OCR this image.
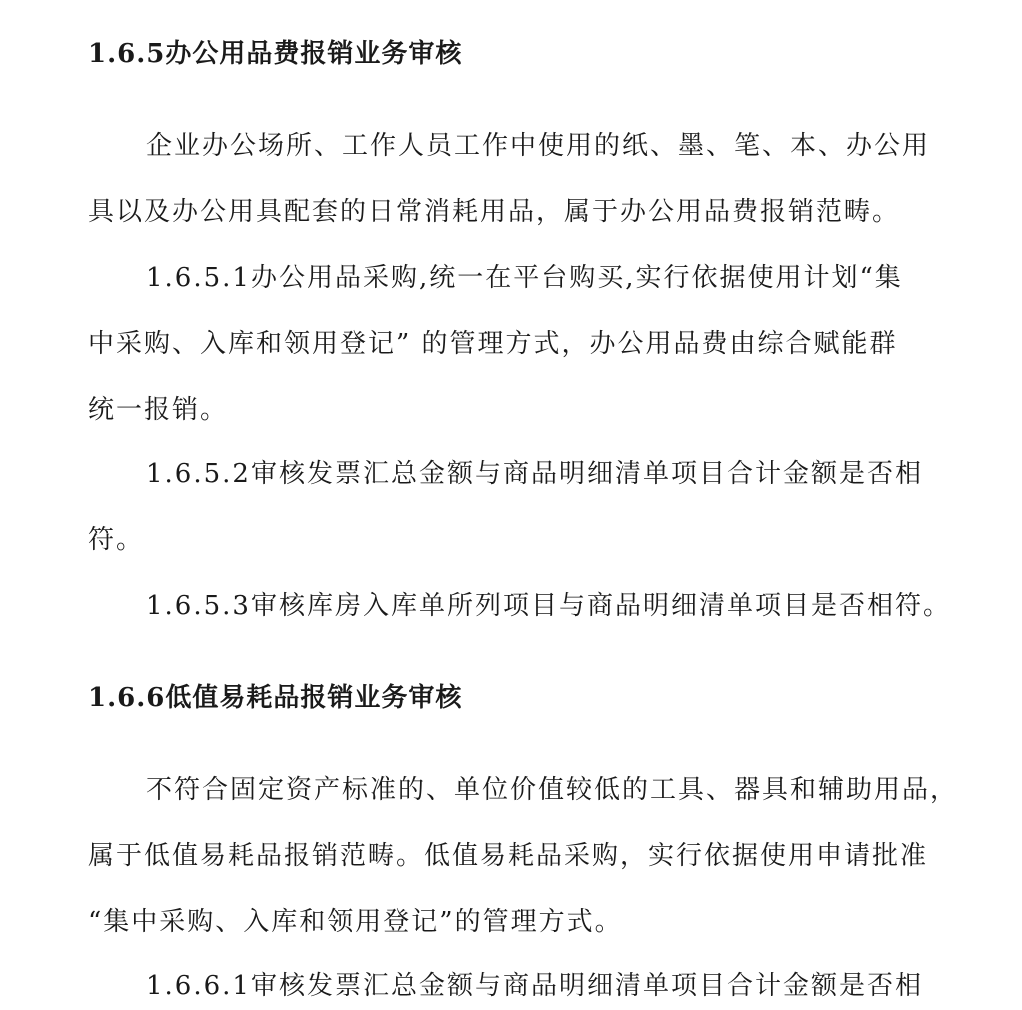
1.6.5办公用品费报销业务审核
企业办公场所、工作人员工作中使用的纸、墨、笔、本、办公用
具以及办公用具配套的日常消耗用品，属于办公用品费报销范畴。
1.6.5.1办公用品采购,统一在平台购买,实行依据使用计划“集
中采购、入库和领用登记” 的管理方式，办公用品费由综合赋能群
统一报销。
1.6.5.2审核发票汇总金额与商品明细清单项目合计金额是否相
符。
1.6.5.3审核库房入库单所列项目与商品明细清单项目是否相符。
1.6.6低值易耗品报销业务审核
不符合固定资产标准的、单位价值较低的工具、器具和辅助用品，
属于低值易耗品报销范畴。低值易耗品采购，实行依据使用申请批准
“集中采购、入库和领用登记”的管理方式。
1.6.6.1审核发票汇总金额与商品明细清单项目合计金额是否相
